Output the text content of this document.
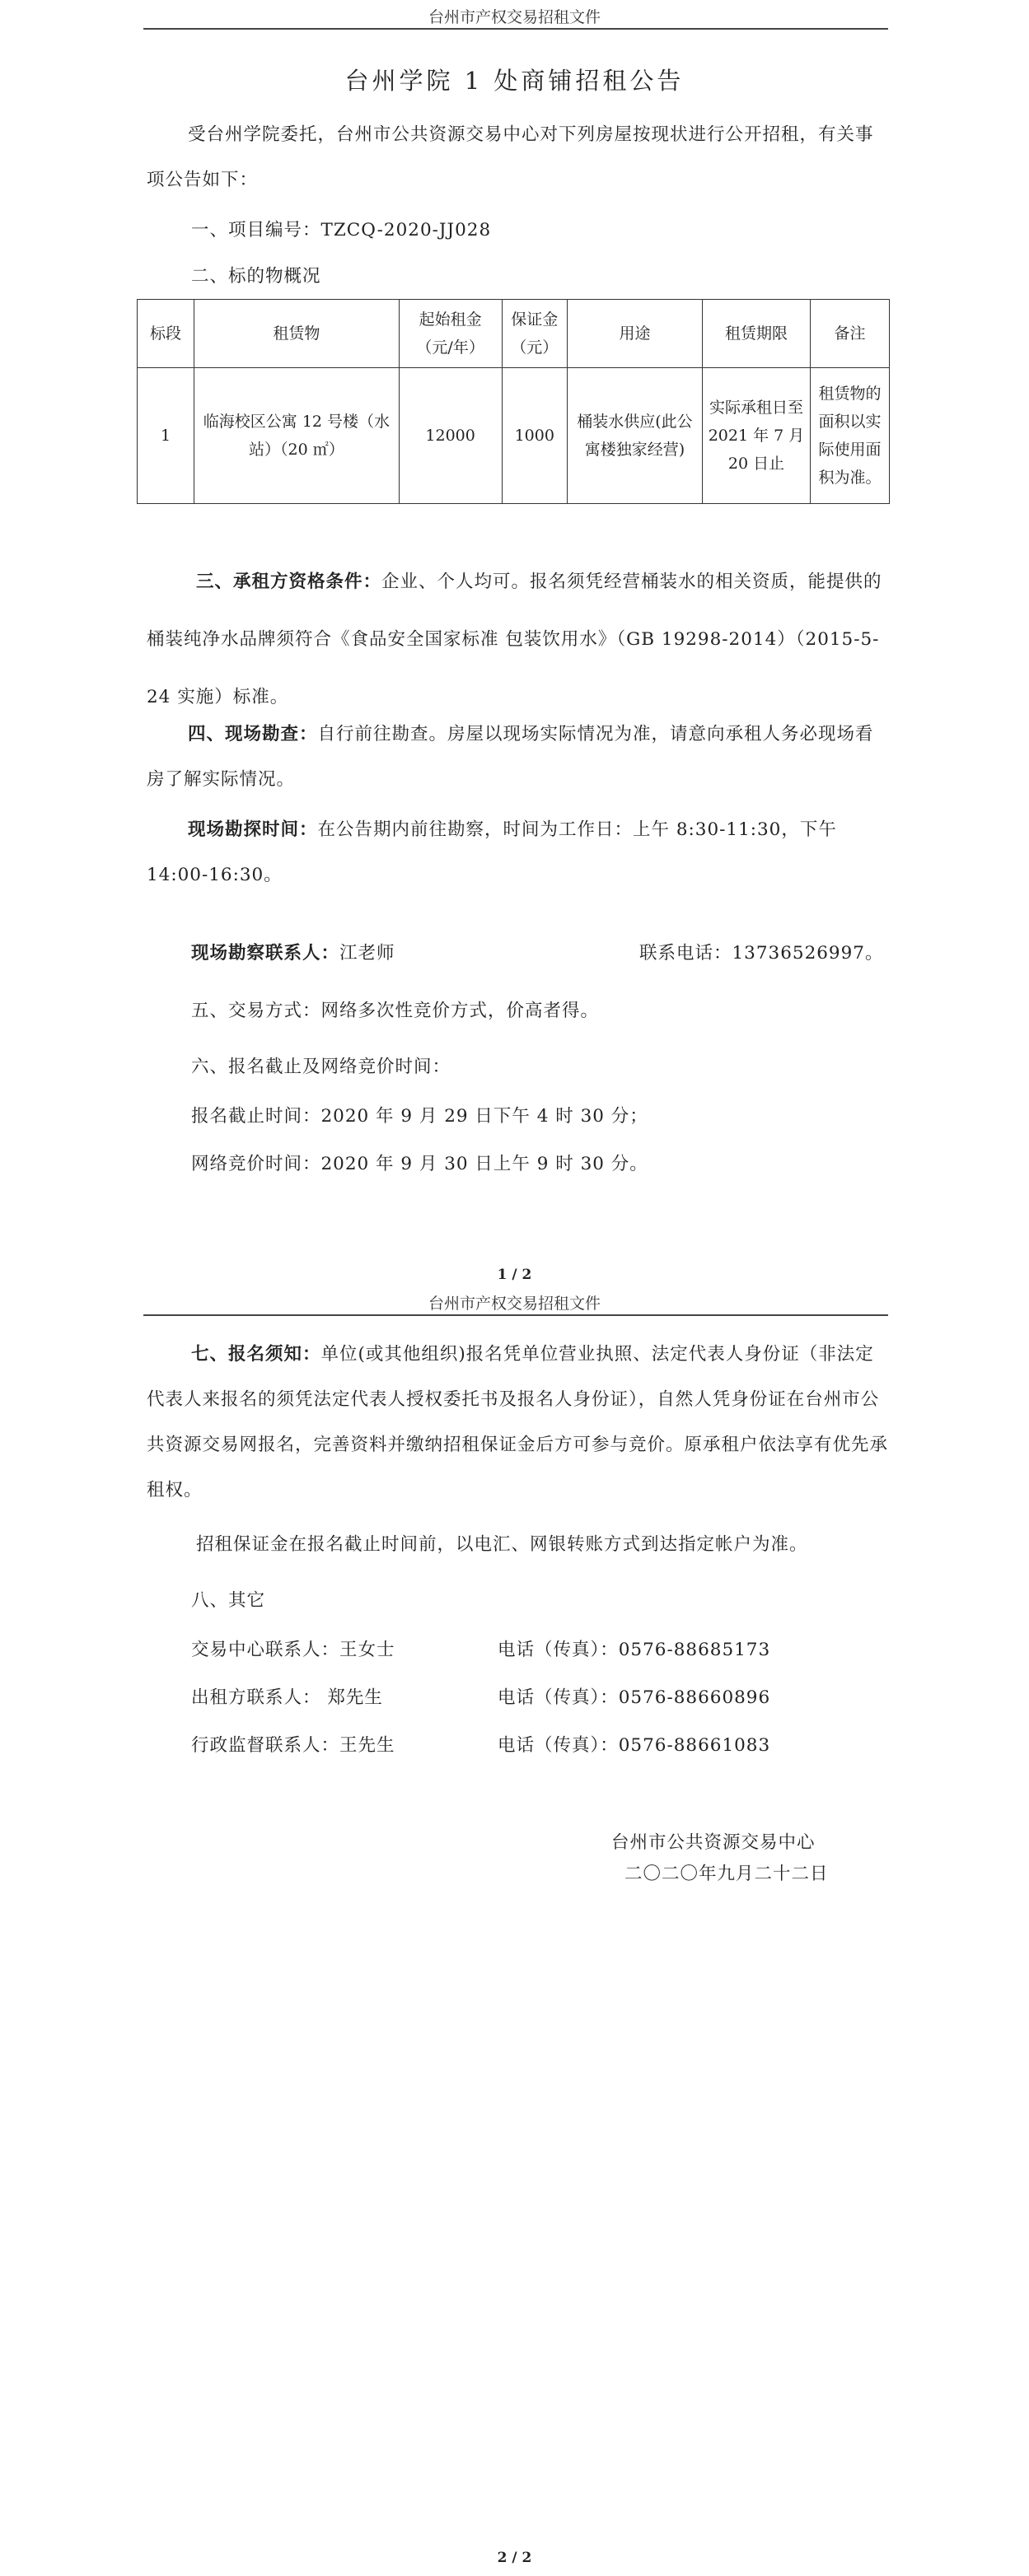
台州市产权交易招租文件
台州学院 1 处商铺招租公告
受台州学院委托，台州市公共资源交易中心对下列房屋按现状进行公开招租，有关事项公告如下：
一、项目编号：TZCQ-2020-JJ028
二、标的物概况
标段	租赁物	起始租金（元/年）	保证金（元）	用途	租赁期限	备注
1	临海校区公寓 12 号楼（水站）（20 ㎡）	12000	1000	桶装水供应(此公寓楼独家经营)	实际承租日至 2021 年 7 月 20 日止	租赁物的面积以实际使用面积为准。
三、承租方资格条件：企业、个人均可。报名须凭经营桶装水的相关资质，能提供的桶装纯净水品牌须符合《食品安全国家标准 包装饮用水》（GB 19298-2014）（2015-5-24 实施）标准。
四、现场勘查：自行前往勘查。房屋以现场实际情况为准，请意向承租人务必现场看房了解实际情况。
现场勘探时间：在公告期内前往勘察，时间为工作日：上午 8:30-11:30，下午 14:00-16:30。
现场勘察联系人：江老师	联系电话：13736526997。
五、交易方式：网络多次性竞价方式，价高者得。
六、报名截止及网络竞价时间：
报名截止时间：2020 年 9 月 29 日下午 4 时 30 分；
网络竞价时间：2020 年 9 月 30 日上午 9 时 30 分。
1 / 2
台州市产权交易招租文件
七、报名须知：单位(或其他组织)报名凭单位营业执照、法定代表人身份证（非法定代表人来报名的须凭法定代表人授权委托书及报名人身份证），自然人凭身份证在台州市公共资源交易网报名，完善资料并缴纳招租保证金后方可参与竞价。原承租户依法享有优先承租权。
招租保证金在报名截止时间前，以电汇、网银转账方式到达指定帐户为准。
八、其它
交易中心联系人：王女士	电话（传真）：0576-88685173
出租方联系人： 郑先生	电话（传真）：0576-88660896
行政监督联系人：王先生	电话（传真）：0576-88661083
台州市公共资源交易中心
二〇二〇年九月二十二日
2 / 2
